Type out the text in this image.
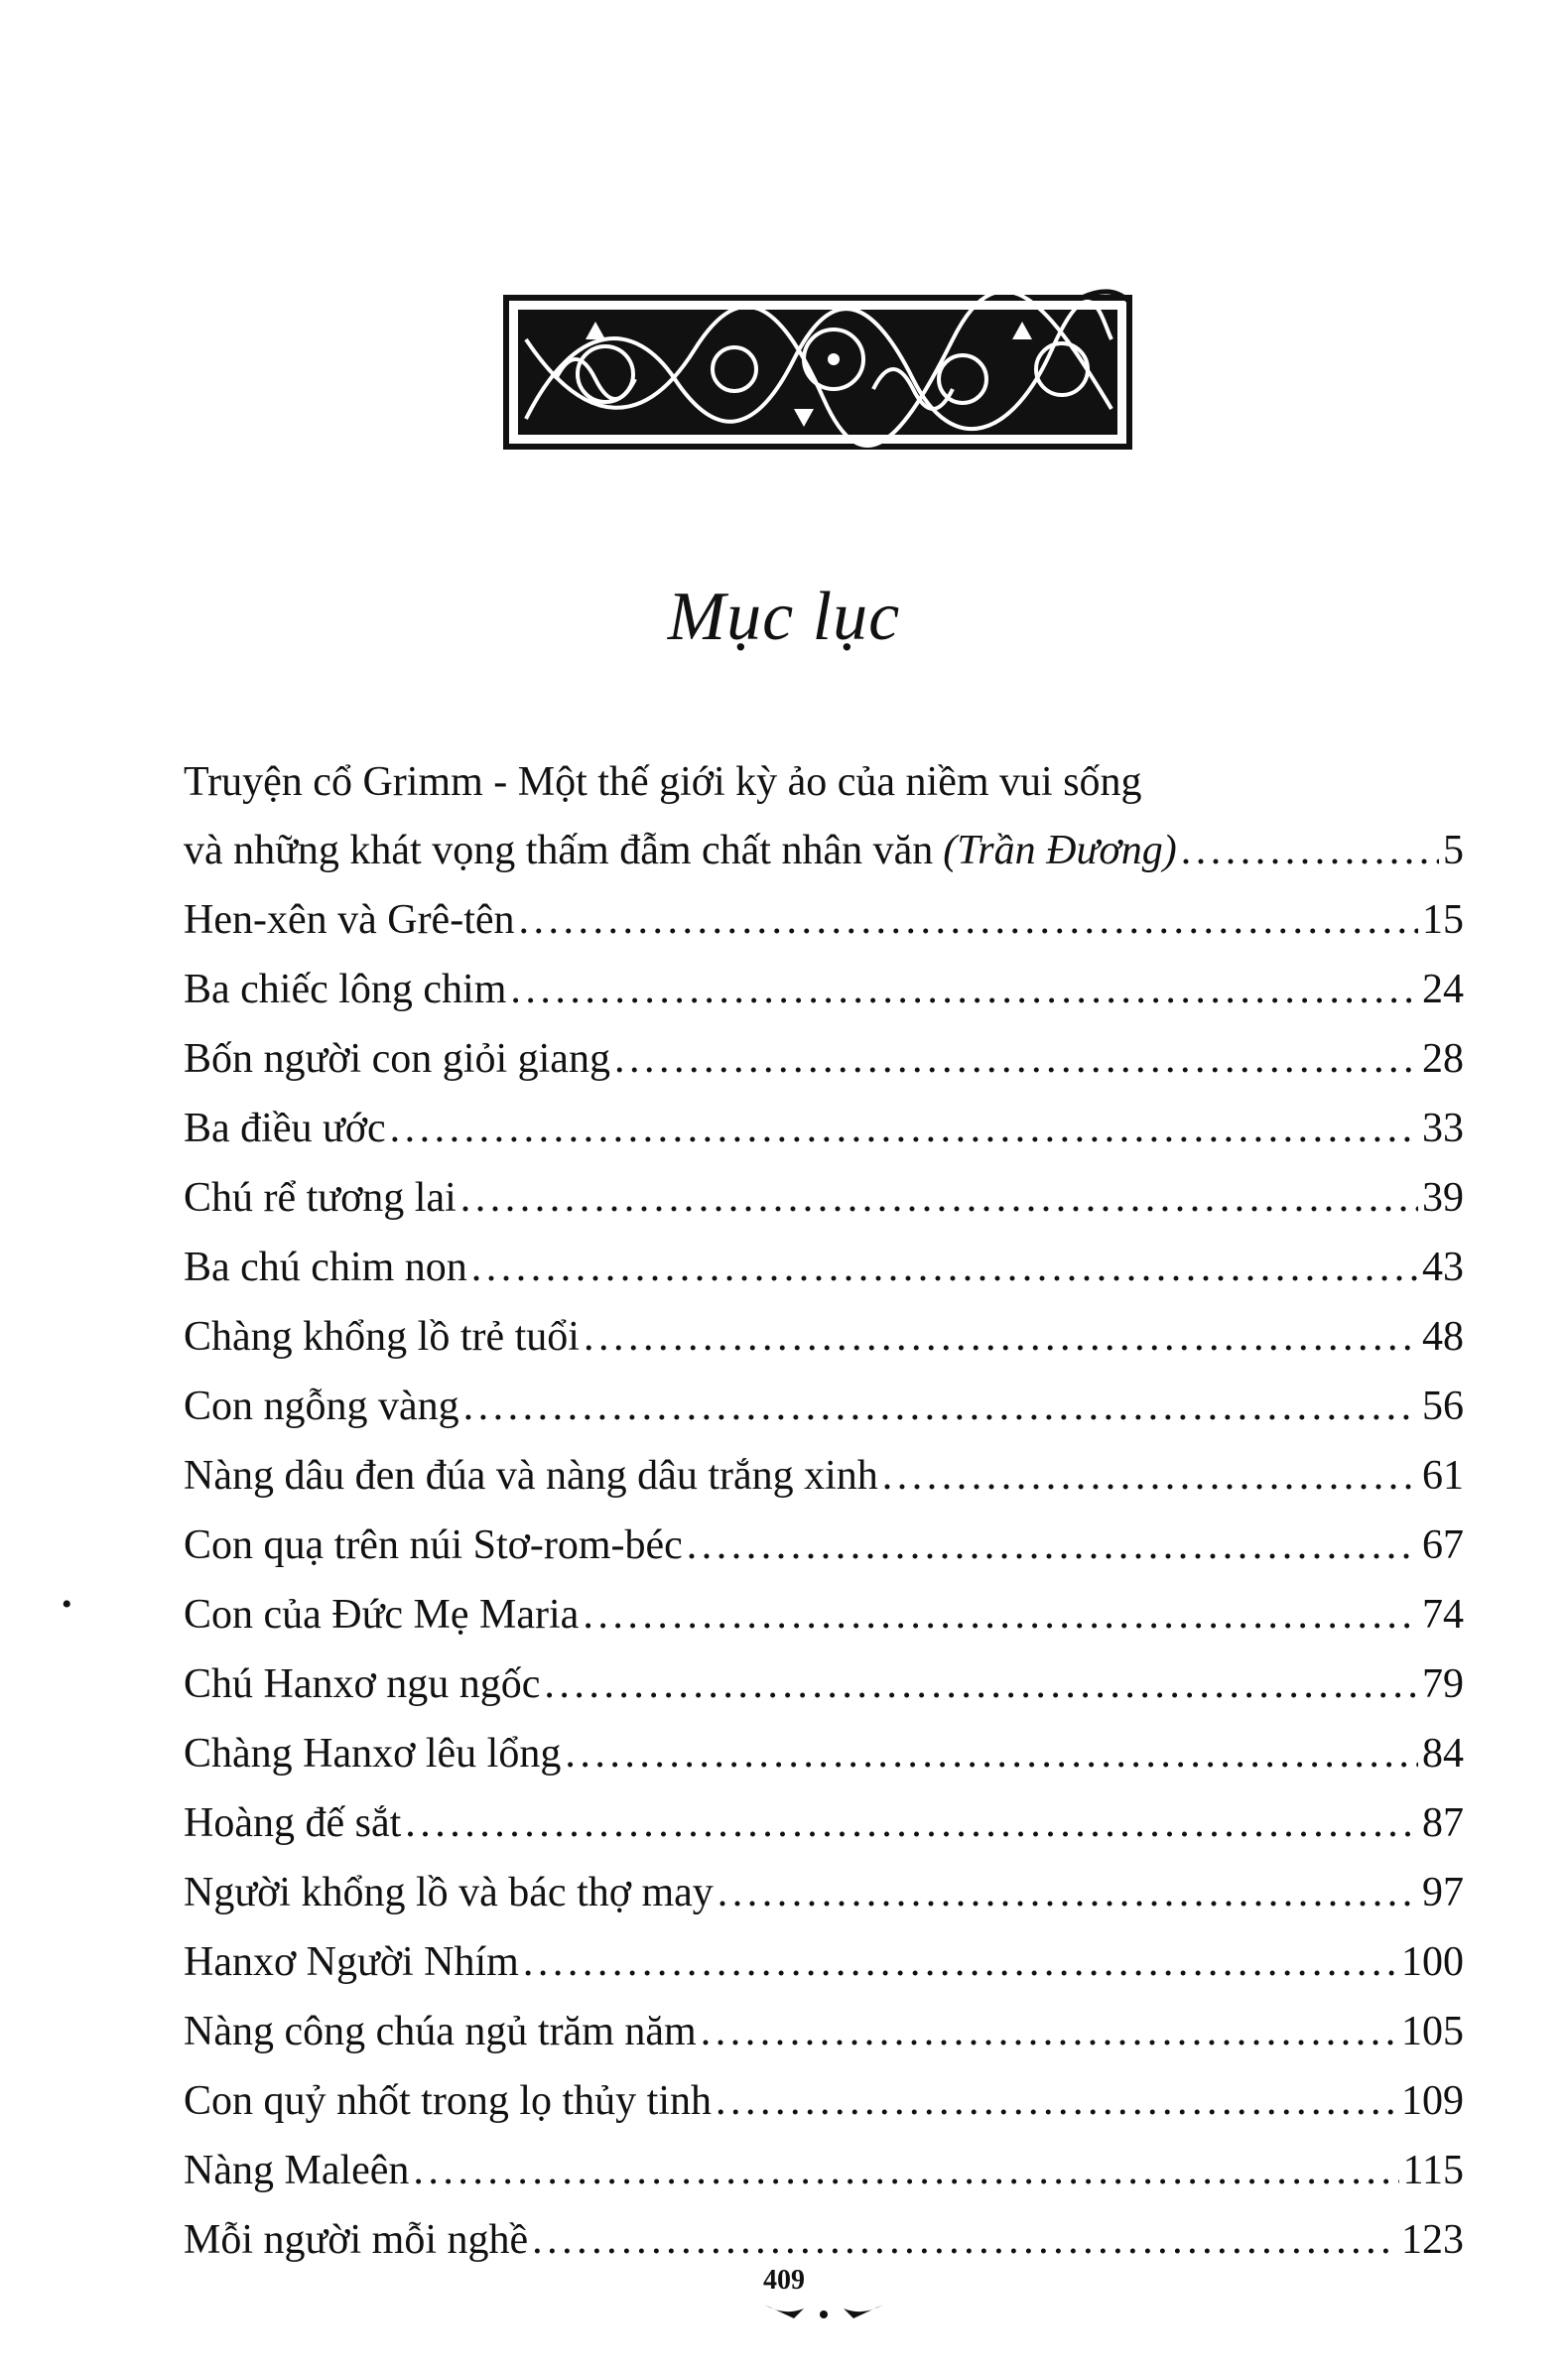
Mục lục
•
Truyện cổ Grimm - Một thế giới kỳ ảo của niềm vui sống
và những khát vọng thấm đẫm chất nhân văn (Trần Đương) . . .	5
Hen-xên và Grê-tên . . .	15
Ba chiếc lông chim . . .	24
Bốn người con giỏi giang . . .	28
Ba điều ước . . .	33
Chú rể tương lai . . .	39
Ba chú chim non . . .	43
Chàng khổng lồ trẻ tuổi . . .	48
Con ngỗng vàng . . .	56
Nàng dâu đen đúa và nàng dâu trắng xinh . . .	61
Con quạ trên núi Stơ-rom-béc . . .	67
Con của Đức Mẹ Maria . . .	74
Chú Hanxơ ngu ngốc . . .	79
Chàng Hanxơ lêu lổng . . .	84
Hoàng đế sắt . . .	87
Người khổng lồ và bác thợ may . . .	97
Hanxơ Người Nhím . . .	100
Nàng công chúa ngủ trăm năm . . .	105
Con quỷ nhốt trong lọ thủy tinh . . .	109
Nàng Maleên . . .	115
Mỗi người mỗi nghề . . .	123
409
